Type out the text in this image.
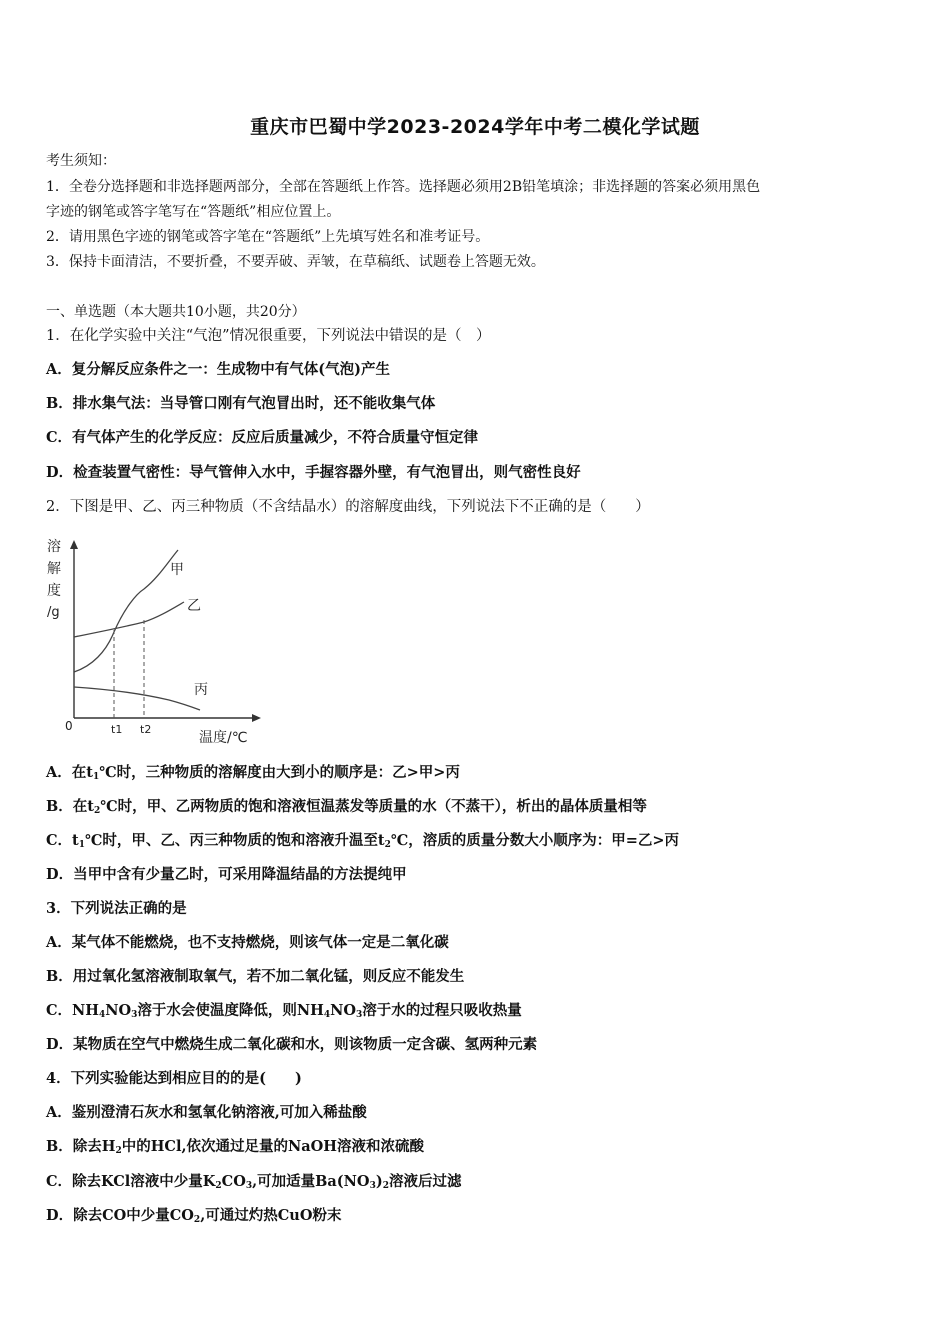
重庆市巴蜀中学2023-2024学年中考二模化学试题
考生须知：
1．全卷分选择题和非选择题两部分，全部在答题纸上作答。选择题必须用2B铅笔填涂；非选择题的答案必须用黑色
字迹的钢笔或答字笔写在“答题纸”相应位置上。
2．请用黑色字迹的钢笔或答字笔在“答题纸”上先填写姓名和准考证号。
3．保持卡面清洁，不要折叠，不要弄破、弄皱，在草稿纸、试题卷上答题无效。
一、单选题（本大题共10小题，共20分）
1．在化学实验中关注“气泡”情况很重要，下列说法中错误的是（　）
A．复分解反应条件之一：生成物中有气体(气泡)产生
B．排水集气法：当导管口刚有气泡冒出时，还不能收集气体
C．有气体产生的化学反应：反应后质量减少，不符合质量守恒定律
D．检查装置气密性：导气管伸入水中，手握容器外壁，有气泡冒出，则气密性良好
2．下图是甲、乙、丙三种物质（不含结晶水）的溶解度曲线，下列说法下不正确的是（　　）
溶
解
度
/g
甲
乙
丙
0	t1 t2
温度/℃
A．在$t_1℃$时，三种物质的溶解度由大到小的顺序是：乙>甲>丙
B．在$t_2℃$时，甲、乙两物质的饱和溶液恒温蒸发等质量的水（不蒸干），析出的晶体质量相等
C．$t_1℃$时，甲、乙、丙三种物质的饱和溶液升温至$t_2℃$，溶质的质量分数大小顺序为：甲=乙>丙
D．当甲中含有少量乙时，可采用降温结晶的方法提纯甲
3．下列说法正确的是
A．某气体不能燃烧，也不支持燃烧，则该气体一定是二氧化碳
B．用过氧化氢溶液制取氧气，若不加二氧化锰，则反应不能发生
C．$NH_4NO_3$溶于水会使温度降低，则$NH_4NO_3$溶于水的过程只吸收热量
D．某物质在空气中燃烧生成二氧化碳和水，则该物质一定含碳、氢两种元素
4．下列实验能达到相应目的的是(　　)
A．鉴别澄清石灰水和氢氧化钠溶液,可加入稀盐酸
B．除去$H_2$中的HCl,依次通过足量的NaOH溶液和浓硫酸
C．除去KCl溶液中少量$K_2CO_3$,可加适量$Ba(NO_3)_2$溶液后过滤
D．除去CO中少量$CO_2$,可通过灼热CuO粉末
